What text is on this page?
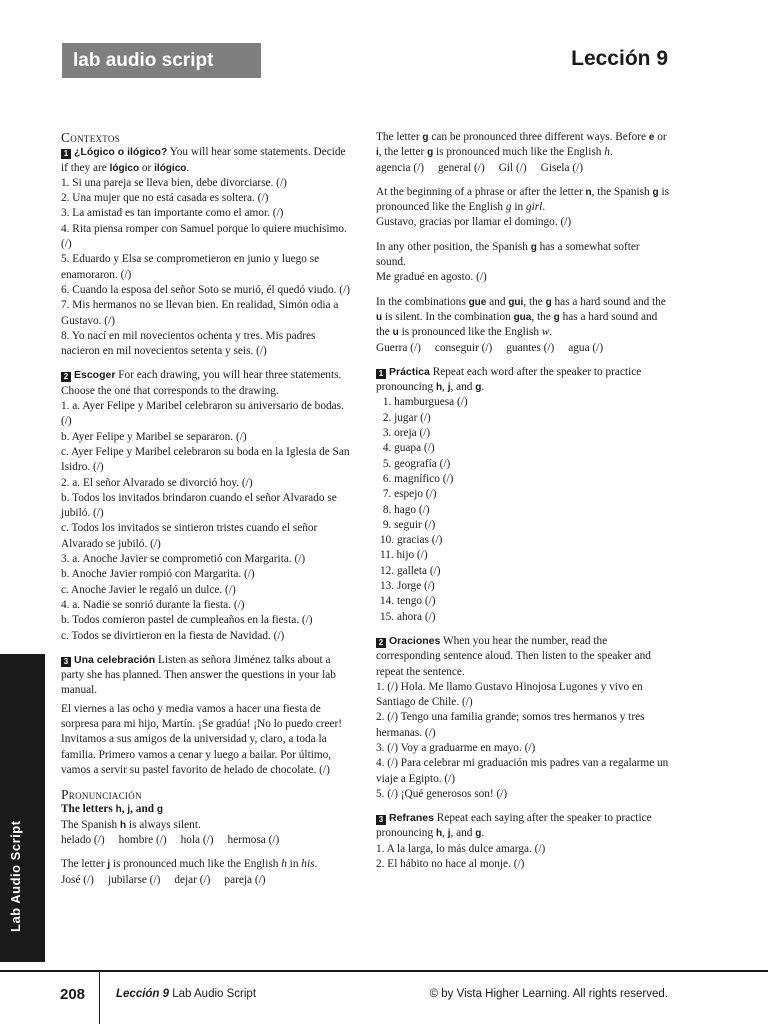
lab audio script	Lección 9

Contextos

1 ¿Lógico o ilógico? You will hear some statements. Decide if they are lógico or ilógico.

1. Si una pareja se lleva bien, debe divorciarse. (/)

2. Una mujer que no está casada es soltera. (/)

3. La amistad es tan importante como el amor. (/)

4. Rita piensa romper con Samuel porque lo quiere muchísimo. (/)

5. Eduardo y Elsa se comprometieron en junio y luego se enamoraron. (/)

6. Cuando la esposa del señor Soto se murió, él quedó viudo. (/)

7. Mis hermanos no se llevan bien. En realidad, Simón odia a Gustavo. (/)

8. Yo nací en mil novecientos ochenta y tres. Mis padres nacieron en mil novecientos setenta y seis. (/)

2 Escoger For each drawing, you will hear three statements. Choose the one that corresponds to the drawing.

1. a. Ayer Felipe y Maribel celebraron su aniversario de bodas. (/)

b. Ayer Felipe y Maribel se separaron. (/)

c. Ayer Felipe y Maribel celebraron su boda en la Iglesia de San Isidro. (/)

2. a. El señor Alvarado se divorció hoy. (/)

b. Todos los invitados brindaron cuando el señor Alvarado se jubiló. (/)

c. Todos los invitados se sintieron tristes cuando el señor Alvarado se jubiló. (/)

3. a. Anoche Javier se comprometió con Margarita. (/)

b. Anoche Javier rompió con Margarita. (/)

c. Anoche Javier le regaló un dulce. (/)

4. a. Nadie se sonrió durante la fiesta. (/)

b. Todos comieron pastel de cumpleaños en la fiesta. (/)

c. Todos se divirtieron en la fiesta de Navidad. (/)

3 Una celebración Listen as señora Jiménez talks about a party she has planned. Then answer the questions in your lab manual.

El viernes a las ocho y media vamos a hacer una fiesta de sorpresa para mi hijo, Martín. ¡Se gradúa! ¡No lo puedo creer! Invitamos a sus amigos de la universidad y, claro, a toda la familia. Primero vamos a cenar y luego a bailar. Por último, vamos a servir su pastel favorito de helado de chocolate. (/)

Pronunciación

The letters h, j, and g

The Spanish h is always silent.

helado (/) hombre (/) hola (/) hermosa (/)

The letter j is pronounced much like the English h in his.

José (/) jubilarse (/) dejar (/) pareja (/)

The letter g can be pronounced three different ways. Before e or i, the letter g is pronounced much like the English h.

agencia (/) general (/) Gil (/) Gisela (/)

At the beginning of a phrase or after the letter n, the Spanish g is pronounced like the English g in girl.

Gustavo, gracias por llamar el domingo. (/)

In any other position, the Spanish g has a somewhat softer sound.

Me gradué en agosto. (/)

In the combinations gue and gui, the g has a hard sound and the u is silent. In the combination gua, the g has a hard sound and the u is pronounced like the English w.

Guerra (/) conseguir (/) guantes (/) agua (/)

1 Práctica Repeat each word after the speaker to practice pronouncing h, j, and g.

1. hamburguesa (/)

2. jugar (/)

3. oreja (/)

4. guapa (/)

5. geografía (/)

6. magnífico (/)

7. espejo (/)

8. hago (/)

9. seguir (/)

10. gracias (/)

11. hijo (/)

12. galleta (/)

13. Jorge (/)

14. tengo (/)

15. ahora (/)

2 Oraciones When you hear the number, read the corresponding sentence aloud. Then listen to the speaker and repeat the sentence.

1. (/) Hola. Me llamo Gustavo Hinojosa Lugones y vivo en Santiago de Chile. (/)

2. (/) Tengo una familia grande; somos tres hermanos y tres hermanas. (/)

3. (/) Voy a graduarme en mayo. (/)

4. (/) Para celebrar mi graduación mis padres van a regalarme un viaje a Egipto. (/)

5. (/) ¡Qué generosos son! (/)

3 Refranes Repeat each saying after the speaker to practice pronouncing h, j, and g.

1. A la larga, lo más dulce amarga. (/)

2. El hábito no hace al monje. (/)

Lab Audio Script
208	Lección 9 Lab Audio Script	© by Vista Higher Learning. All rights reserved.
